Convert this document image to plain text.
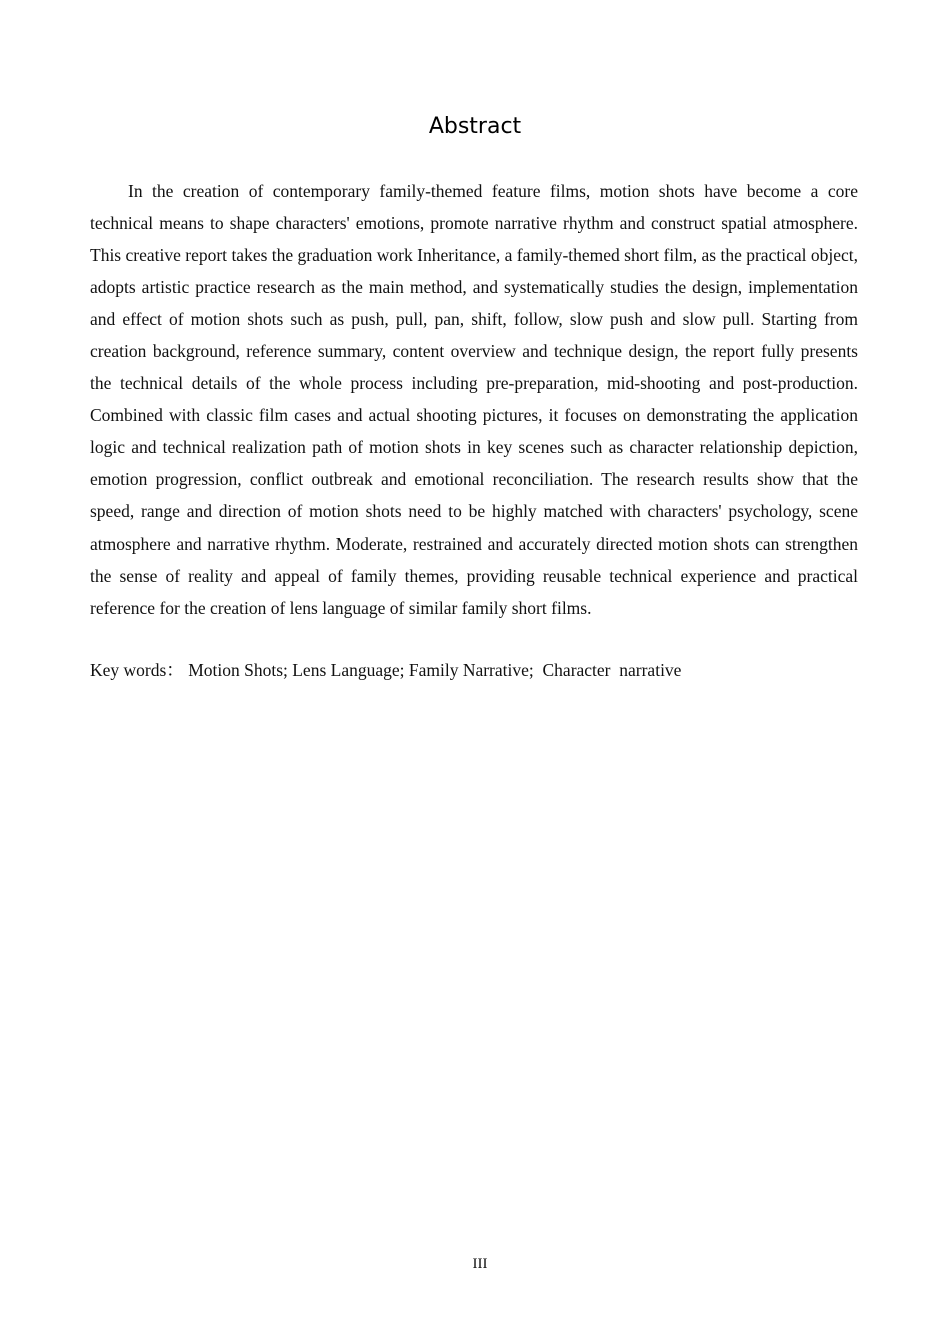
Abstract

In the creation of contemporary family-themed feature films, motion shots have become a core technical means to shape characters' emotions, promote narrative rhythm and construct spatial atmosphere. This creative report takes the graduation work Inheritance, a family-themed short film, as the practical object, adopts artistic practice research as the main method, and systematically studies the design, implementation and effect of motion shots such as push, pull, pan, shift, follow, slow push and slow pull. Starting from creation background, reference summary, content overview and technique design, the report fully presents the technical details of the whole process including pre-preparation, mid-shooting and post-production. Combined with classic film cases and actual shooting pictures, it focuses on demonstrating the application logic and technical realization path of motion shots in key scenes such as character relationship depiction, emotion progression, conflict outbreak and emotional reconciliation. The research results show that the speed, range and direction of motion shots need to be highly matched with characters' psychology, scene atmosphere and narrative rhythm. Moderate, restrained and accurately directed motion shots can strengthen the sense of reality and appeal of family themes, providing reusable technical experience and practical reference for the creation of lens language of similar family short films.

Key words： Motion Shots; Lens Language; Family Narrative;  Character  narrative

III
